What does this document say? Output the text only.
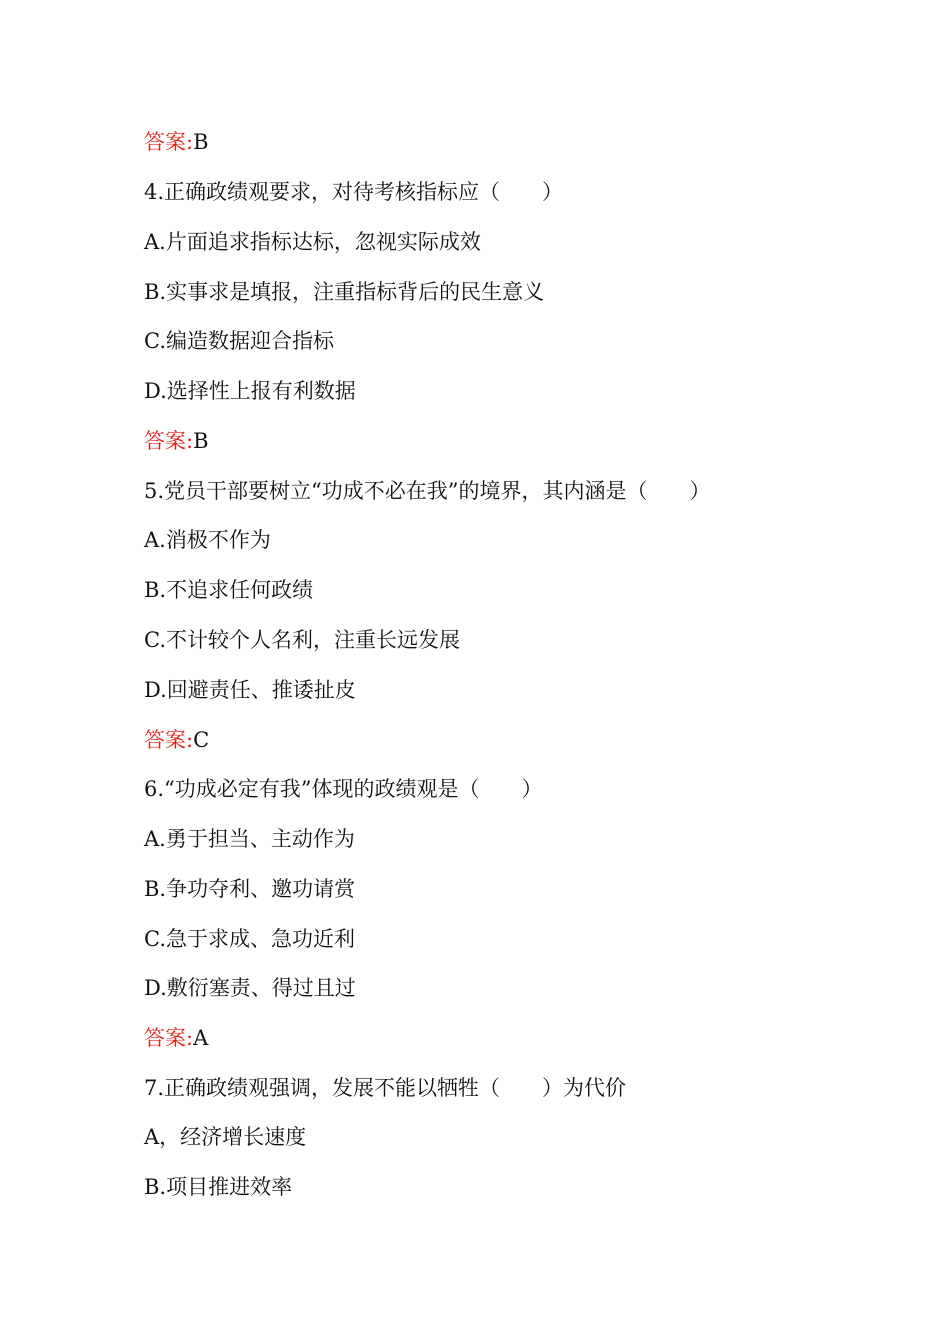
答案:B
4.正确政绩观要求，对待考核指标应（　　）
A.片面追求指标达标，忽视实际成效
B.实事求是填报，注重指标背后的民生意义
C.编造数据迎合指标
D.选择性上报有利数据
答案:B
5.党员干部要树立“功成不必在我”的境界，其内涵是（　　）
A.消极不作为
B.不追求任何政绩
C.不计较个人名利，注重长远发展
D.回避责任、推诿扯皮
答案:C
6.“功成必定有我”体现的政绩观是（　　）
A.勇于担当、主动作为
B.争功夺利、邀功请赏
C.急于求成、急功近利
D.敷衍塞责、得过且过
答案:A
7.正确政绩观强调，发展不能以牺牲（　　）为代价
A，经济增长速度
B.项目推进效率
